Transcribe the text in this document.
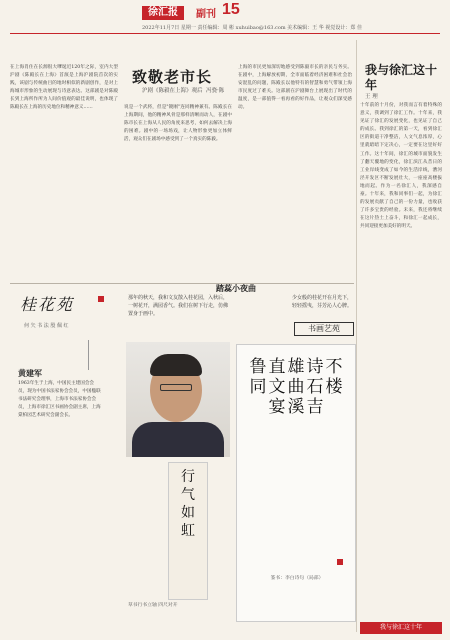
徐汇报	副刊 15
2022年11月7日 星期一 责任编辑：周 彬 xuhuibao@163.com 美术编辑：王 华 视觉设计：郑 佳
在上海肖住在长源很大嗲诞近120年之际，室内大型沪剧《陈殿长在上海》首演是上海沪剧院首次的实践，该剧与传统曲目的地时相似的新剧创作，是对上海城市形象的生动展现与诗意表达。这部剧是对陈殿长到上海所作所为人间价值观的最佳说明，也体现了陈殿长在上海的历史地位和精神意义……
致敬老市长
沪剧《陈毅在上海》观后 冯骁·陈
说是一个武将，但是"镀刚"连同精神兼有。陈殿长在上海期间，他的精神风骨是那样清晰而动人，在剧中陈市长在上海从人民的角度来思考，如何去解决上海的困难。剧中的一场场戏，让人物形象更加立体鲜活，观众们在剧场中感受到了一个真实的陈毅。
上海的市民更加深切地感受到陈毅市长的亲民与务实。在剧中，上海解放初期，全市面临着经济困难和社会治安混乱的问题，陈殿长以他特有的智慧和勇气带领上海市民度过了难关。这部剧在沪剧舞台上展现出了时代的温度，是一部值得一看再看的好作品，让观众们深受感动。
我与徐汇这十年
王 理
十年前的十月份，对我而言有着特殊的意义，我调到了徐汇工作。十年来，我见证了徐汇的发展变化，也见证了自己的成长。我到徐汇的第一天，看到徐汇区的街道干净整洁，人文气息浓厚，心里就暗暗下定决心，一定要在这里好好工作。这十年间，徐汇的城市面貌发生了翻天覆地的变化，徐汇滨江从昔日的工业岸线变成了如今的生活岸线，漕河泾开发区不断发展壮大，一座座高楼拔地而起。作为一名徐汇人，我深感自豪。十年来，我和同事们一起，为徐汇的发展贡献了自己的一份力量，也收获了许多宝贵的经验。未来，我还将继续在这片热土上奋斗，和徐汇一起成长，共同迎接更加美好的明天。
桂花苑
何 矢 书 法 殷 佩 红
踏蕊小夜曲
那年的秋天，我和文友散入桂花园，入秋后，一树花开，满园香气。我们在树下行走，仿佛置身于画中。
少女般的桂花开在月光下，轻轻摇曳，芬芳沁人心脾。
书画艺苑
黄建军
1963年生于上海，中国民主建国会会员，现为中国书法家协会会员，中国楹联书法研究会理事，上海市书法家协会会员，上海市徐汇区书画协会副主席，上海棠柏园艺术研究会副会长。
鲁直雄诗不同文曲石楼宴溪吉
篆书：李白诗句（局部）
行气如虹
草书行书立轴 四尺对开
我与徐汇这十年
